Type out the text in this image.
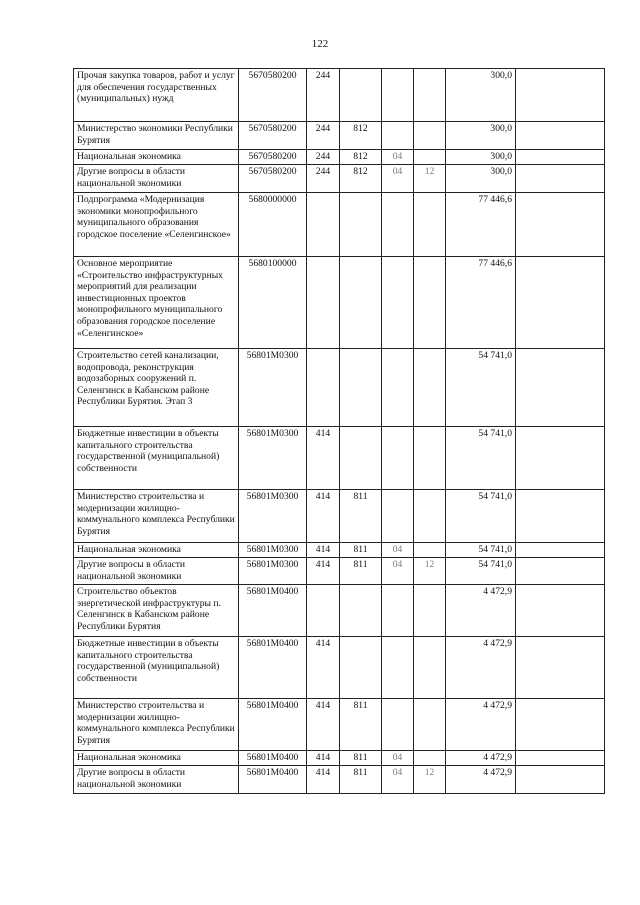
122
Прочая закупка товаров, работ и услуг для обеспечения государственных (муниципальных) нужд	5670580200	244				300,0	
Министерство экономики Республики Бурятия	5670580200	244	812			300,0	
Национальная экономика	5670580200	244	812	04		300,0	
Другие вопросы в области национальной экономики	5670580200	244	812	04	12	300,0	
Подпрограмма «Модернизация экономики монопрофильного муниципального образования городское поселение «Селенгинское»	5680000000					77 446,6	
Основное мероприятие «Строительство инфраструктурных мероприятий для реализации инвестиционных проектов монопрофильного муниципального образования городское поселение «Селенгинское»	5680100000					77 446,6	
Строительство сетей канализации, водопровода, реконструкция водозаборных сооружений п. Селенгинск в Кабанском районе Республики Бурятия. Этап 3	56801M0300					54 741,0	
Бюджетные инвестиции в объекты капитального строительства государственной (муниципальной) собственности	56801M0300	414				54 741,0	
Министерство строительства и модернизации жилищно-коммунального комплекса Республики Бурятия	56801M0300	414	811			54 741,0	
Национальная экономика	56801M0300	414	811	04		54 741,0	
Другие вопросы в области национальной экономики	56801M0300	414	811	04	12	54 741,0	
Строительство объектов энергетической инфраструктуры п. Селенгинск в Кабанском районе Республики Бурятия	56801M0400					4 472,9	
Бюджетные инвестиции в объекты капитального строительства государственной (муниципальной) собственности	56801M0400	414				4 472,9	
Министерство строительства и модернизации жилищно-коммунального комплекса Республики Бурятия	56801M0400	414	811			4 472,9	
Национальная экономика	56801M0400	414	811	04		4 472,9	
Другие вопросы в области национальной экономики	56801M0400	414	811	04	12	4 472,9	
